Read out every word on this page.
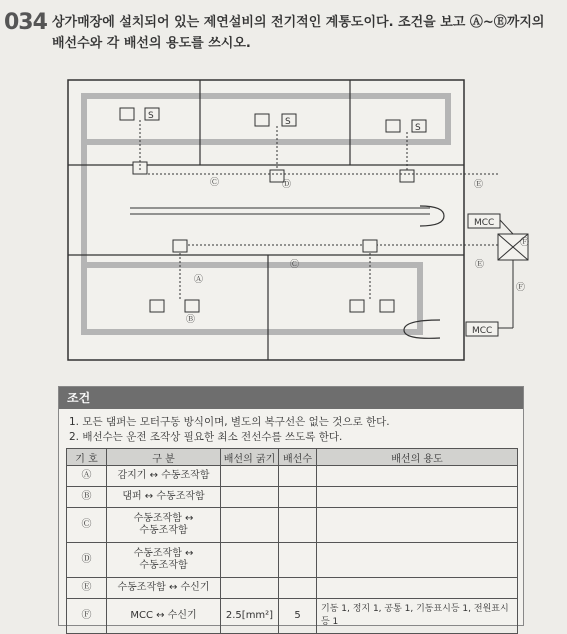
034 상가매장에 설치되어 있는 제연설비의 전기적인 계통도이다. 조건을 보고 Ⓐ~Ⓔ까지의 배선수와 각 배선의 용도를 쓰시오.
S
S
S
MCC
MCC
Ⓐ
Ⓑ
Ⓒ
Ⓒ
Ⓓ	Ⓔ
Ⓔ
Ⓕ
Ⓕ
조건
1. 모든 댐퍼는 모터구동 방식이며, 별도의 복구선은 없는 것으로 한다.
2. 배선수는 운전 조작상 필요한 최소 전선수를 쓰도록 한다.
기 호	구 분	배선의 굵기	배선수	배선의 용도
Ⓐ	감지기 ↔ 수동조작함			
Ⓑ	댐퍼 ↔ 수동조작함			
Ⓒ	수동조작함 ↔
수동조작함			

Ⓓ	수동조작함 ↔
수동조작함			

Ⓔ	수동조작함 ↔ 수신기			
Ⓕ	MCC ↔ 수신기	2.5[mm²]	5	기동 1, 정지 1, 공통 1, 기동표시등 1, 전원표시등 1
